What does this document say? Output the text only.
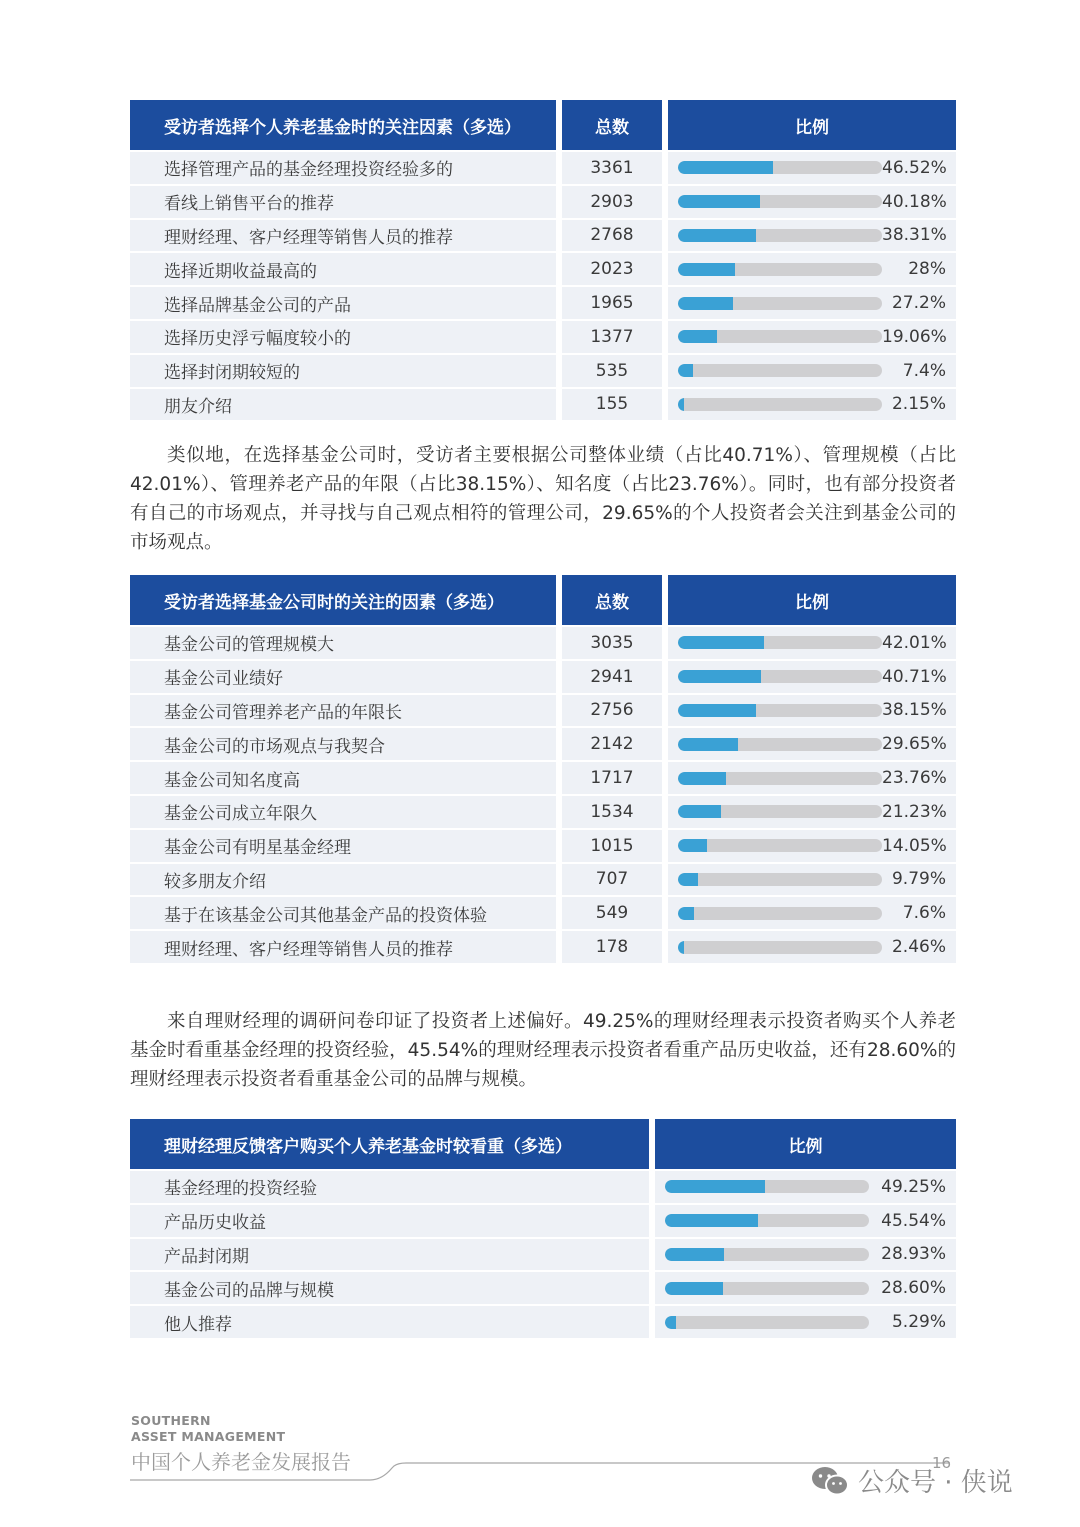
受访者选择个人养老基金时的关注因素（多选）	总数	比例
选择管理产品的基金经理投资经验多的	3361	46.52%
看线上销售平台的推荐	2903	40.18%
理财经理、客户经理等销售人员的推荐	2768	38.31%
选择近期收益最高的	2023	28%
选择品牌基金公司的产品	1965	27.2%
选择历史浮亏幅度较小的	1377	19.06%
选择封闭期较短的	535	7.4%
朋友介绍	155	2.15%

类似地，在选择基金公司时，受访者主要根据公司整体业绩（占比40.71%）、管理规模（占比42.01%）、管理养老产品的年限（占比38.15%）、知名度（占比23.76%）。同时，也有部分投资者有自己的市场观点，并寻找与自己观点相符的管理公司，29.65%的个人投资者会关注到基金公司的市场观点。

受访者选择基金公司时的关注的因素（多选）	总数	比例
基金公司的管理规模大	3035	42.01%
基金公司业绩好	2941	40.71%
基金公司管理养老产品的年限长	2756	38.15%
基金公司的市场观点与我契合	2142	29.65%
基金公司知名度高	1717	23.76%
基金公司成立年限久	1534	21.23%
基金公司有明星基金经理	1015	14.05%
较多朋友介绍	707	9.79%
基于在该基金公司其他基金产品的投资体验	549	7.6%
理财经理、客户经理等销售人员的推荐	178	2.46%

来自理财经理的调研问卷印证了投资者上述偏好。49.25%的理财经理表示投资者购买个人养老基金时看重基金经理的投资经验，45.54%的理财经理表示投资者看重产品历史收益，还有28.60%的理财经理表示投资者看重基金公司的品牌与规模。

理财经理反馈客户购买个人养老基金时较看重（多选）	比例
基金经理的投资经验	49.25%
产品历史收益	45.54%
产品封闭期	28.93%
基金公司的品牌与规模	28.60%
他人推荐	5.29%
SOUTHERN
ASSET MANAGEMENT
中国个人养老金发展报告	16
公众号 · 侠说
